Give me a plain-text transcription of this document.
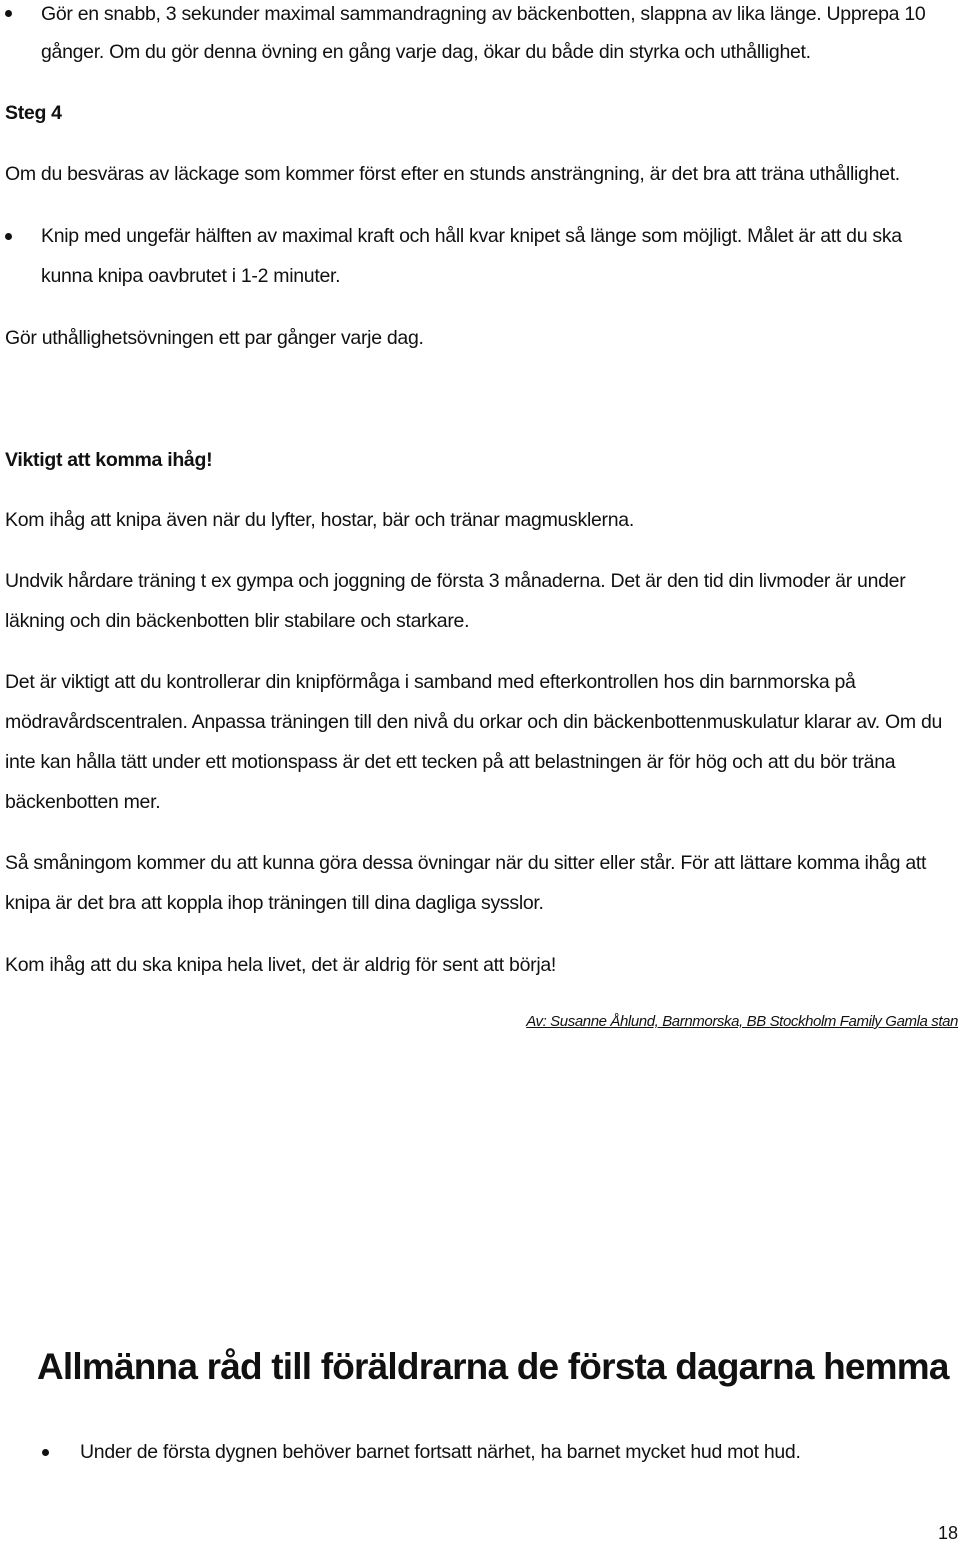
Gör en snabb, 3 sekunder maximal sammandragning av bäckenbotten, slappna av lika länge. Upprepa 10
gånger. Om du gör denna övning en gång varje dag, ökar du både din styrka och uthållighet.
Steg 4
Om du besväras av läckage som kommer först efter en stunds ansträngning, är det bra att träna uthållighet.
Knip med ungefär hälften av maximal kraft och håll kvar knipet så länge som möjligt. Målet är att du ska
kunna knipa oavbrutet i 1-2 minuter.
Gör uthållighetsövningen ett par gånger varje dag.
Viktigt att komma ihåg!
Kom ihåg att knipa även när du lyfter, hostar, bär och tränar magmusklerna.
Undvik hårdare träning t ex gympa och joggning de första 3 månaderna. Det är den tid din livmoder är under
läkning och din bäckenbotten blir stabilare och starkare.
Det är viktigt att du kontrollerar din knipförmåga i samband med efterkontrollen hos din barnmorska på
mödravårdscentralen. Anpassa träningen till den nivå du orkar och din bäckenbottenmuskulatur klarar av. Om du
inte kan hålla tätt under ett motionspass är det ett tecken på att belastningen är för hög och att du bör träna
bäckenbotten mer.
Så småningom kommer du att kunna göra dessa övningar när du sitter eller står. För att lättare komma ihåg att
knipa är det bra att koppla ihop träningen till dina dagliga sysslor.
Kom ihåg att du ska knipa hela livet, det är aldrig för sent att börja!
Av: Susanne Åhlund, Barnmorska, BB Stockholm Family Gamla stan
Allmänna råd till föräldrarna de första dagarna hemma
Under de första dygnen behöver barnet fortsatt närhet, ha barnet mycket hud mot hud.
18
